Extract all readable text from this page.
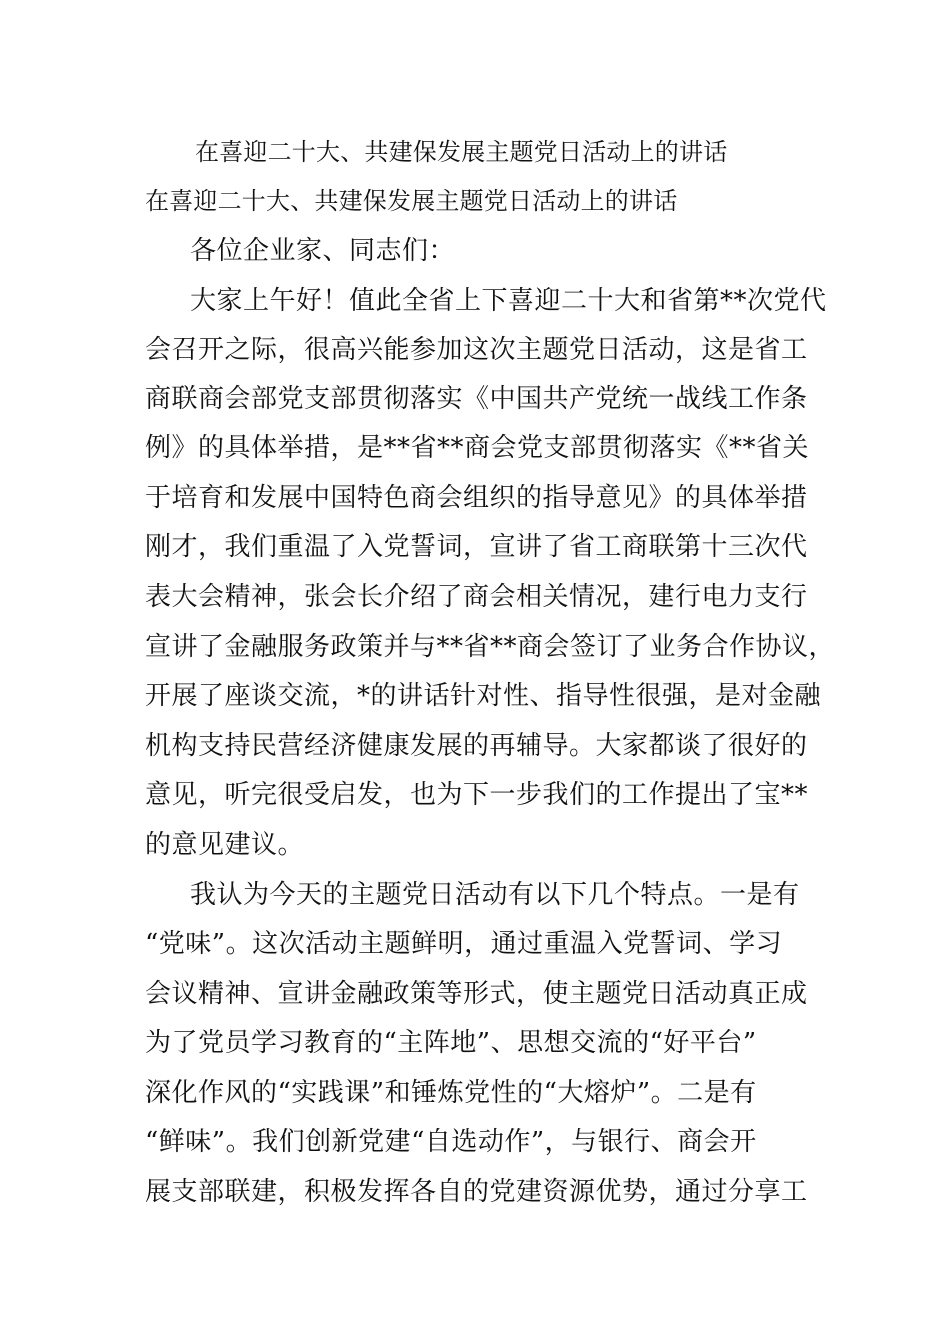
在喜迎二十大、共建保发展主题党日活动上的讲话
在喜迎二十大、共建保发展主题党日活动上的讲话
各位企业家、同志们：
大家上午好！值此全省上下喜迎二十大和省第**次党代
会召开之际，很高兴能参加这次主题党日活动，这是省工
商联商会部党支部贯彻落实《中国共产党统一战线工作条
例》的具体举措，是**省**商会党支部贯彻落实《**省关
于培育和发展中国特色商会组织的指导意见》的具体举措
刚才，我们重温了入党誓词，宣讲了省工商联第十三次代
表大会精神，张会长介绍了商会相关情况，建行电力支行
宣讲了金融服务政策并与**省**商会签订了业务合作协议，
开展了座谈交流，*的讲话针对性、指导性很强，是对金融
机构支持民营经济健康发展的再辅导。大家都谈了很好的
意见，听完很受启发，也为下一步我们的工作提出了宝**
的意见建议。
我认为今天的主题党日活动有以下几个特点。一是有
“党味”。这次活动主题鲜明，通过重温入党誓词、学习
会议精神、宣讲金融政策等形式，使主题党日活动真正成
为了党员学习教育的“主阵地”、思想交流的“好平台”
深化作风的“实践课”和锤炼党性的“大熔炉”。二是有
“鲜味”。我们创新党建“自选动作”，与银行、商会开
展支部联建，积极发挥各自的党建资源优势，通过分享工
